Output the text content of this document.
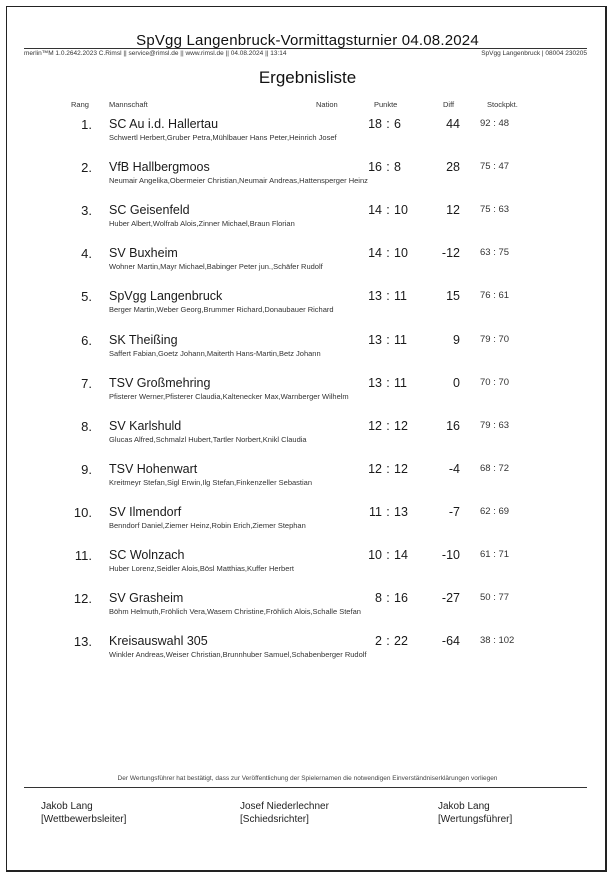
SpVgg Langenbruck-Vormittagsturnier 04.08.2024
merlin™M 1.0.2642.2023 C.Rimsl || service@rimsl.de || www.rimsl.de || 04.08.2024 || 13:14	SpVgg Langenbruck | 08004 230205
Ergebnisliste
Rang	Mannschaft	Nation	Punkte	Diff	Stockpkt.
1. SC Au i.d. Hallertau
Schwertl Herbert,Gruber Petra,Mühlbauer Hans Peter,Heinrich Josef
18 : 6	44 92 : 48
2. VfB Hallbergmoos
Neumair Angelika,Obermeier Christian,Neumair Andreas,Hattensperger Heinz
16 : 8	28 75 : 47
3. SC Geisenfeld
Huber Albert,Wolfrab Alois,Zinner Michael,Braun Florian
14 : 10	12 75 : 63
4. SV Buxheim
Wohner Martin,Mayr Michael,Babinger Peter jun.,Schäfer Rudolf
14 : 10	-12 63 : 75
5. SpVgg Langenbruck
Berger Martin,Weber Georg,Brummer Richard,Donaubauer Richard
13 : 11	15 76 : 61
6. SK Theißing
Saffert Fabian,Goetz Johann,Maiterth Hans-Martin,Betz Johann
13 : 11	9 79 : 70
7. TSV Großmehring
Pfisterer Werner,Pfisterer Claudia,Kaltenecker Max,Warnberger Wilhelm
13 : 11	0 70 : 70
8. SV Karlshuld
Glucas Alfred,Schmalzl Hubert,Tartler Norbert,Knikl Claudia
12 : 12	16 79 : 63
9. TSV Hohenwart
Kreitmeyr Stefan,Sigl Erwin,Ilg Stefan,Finkenzeller Sebastian
12 : 12	-4 68 : 72
10. SV Ilmendorf
Benndorf Daniel,Ziemer Heinz,Robin Erich,Ziemer Stephan
11 : 13	-7 62 : 69
11. SC Wolnzach
Huber Lorenz,Seidler Alois,Bösl Matthias,Kuffer Herbert
10 : 14	-10 61 : 71
12. SV Grasheim
Böhm Helmuth,Fröhlich Vera,Wasem Christine,Fröhlich Alois,Schalle Stefan
8 : 16	-27 50 : 77
13. Kreisauswahl 305
Winkler Andreas,Weiser Christian,Brunnhuber Samuel,Schabenberger Rudolf
2 : 22	-64 38 : 102
Der Wertungsführer hat bestätigt, dass zur Veröffentlichung der Spielernamen die notwendigen Einverständniserklärungen vorliegen
Jakob Lang
[Wettbewerbsleiter]
Josef Niederlechner
[Schiedsrichter]
Jakob Lang
[Wertungsführer]
